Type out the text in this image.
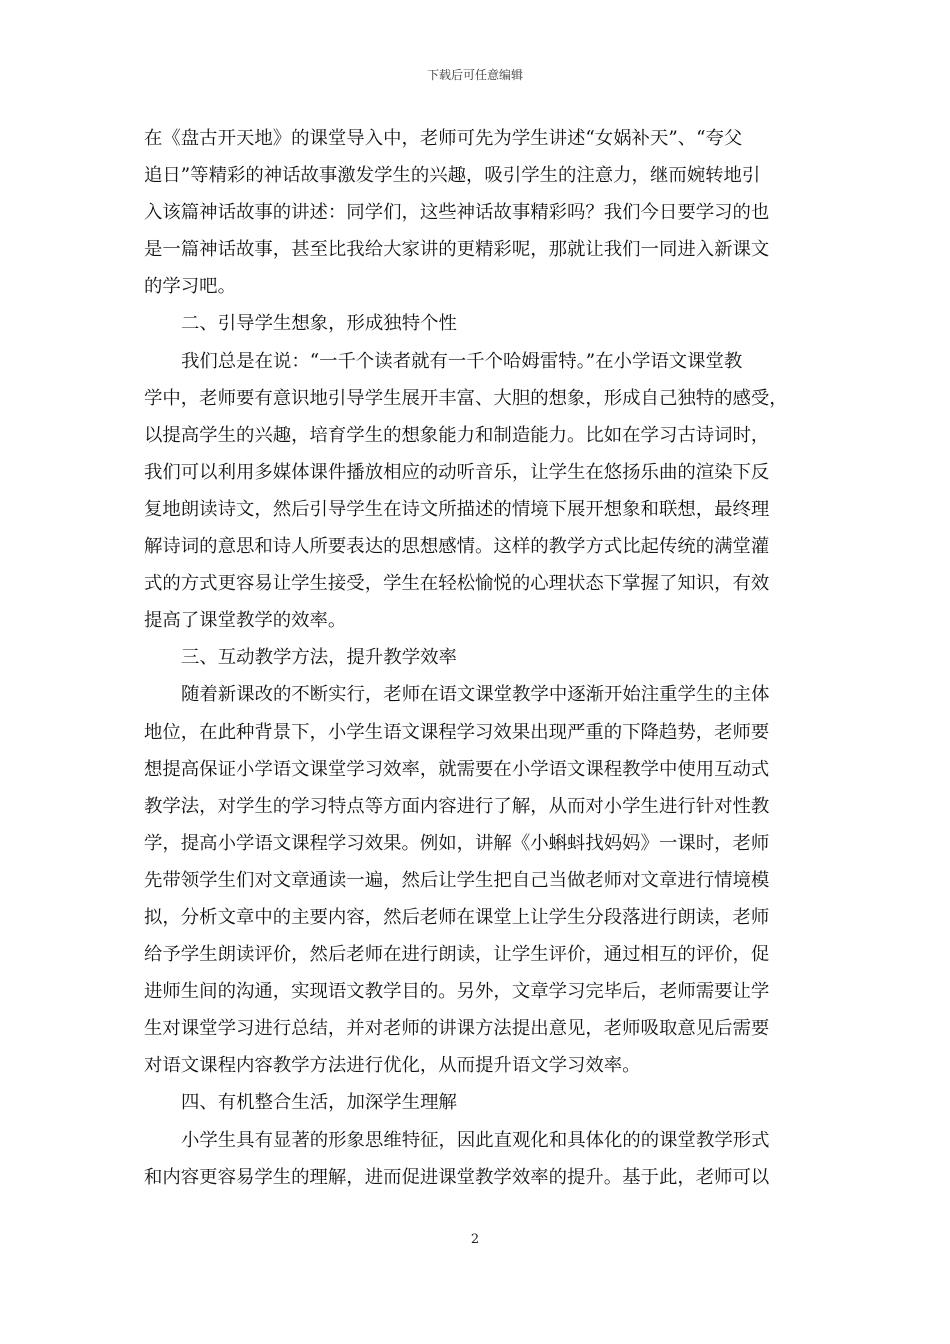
下载后可任意编辑
在《盘古开天地》的课堂导入中，老师可先为学生讲述“女娲补天”、“夸父
追日”等精彩的神话故事激发学生的兴趣，吸引学生的注意力，继而婉转地引
入该篇神话故事的讲述：同学们，这些神话故事精彩吗？我们今日要学习的也
是一篇神话故事，甚至比我给大家讲的更精彩呢，那就让我们一同进入新课文
的学习吧。
二、引导学生想象，形成独特个性
我们总是在说：“一千个读者就有一千个哈姆雷特。”在小学语文课堂教
学中，老师要有意识地引导学生展开丰富、大胆的想象，形成自己独特的感受，
以提高学生的兴趣，培育学生的想象能力和制造能力。比如在学习古诗词时，
我们可以利用多媒体课件播放相应的动听音乐，让学生在悠扬乐曲的渲染下反
复地朗读诗文，然后引导学生在诗文所描述的情境下展开想象和联想，最终理
解诗词的意思和诗人所要表达的思想感情。这样的教学方式比起传统的满堂灌
式的方式更容易让学生接受，学生在轻松愉悦的心理状态下掌握了知识，有效
提高了课堂教学的效率。
三、互动教学方法，提升教学效率
随着新课改的不断实行，老师在语文课堂教学中逐渐开始注重学生的主体
地位，在此种背景下，小学生语文课程学习效果出现严重的下降趋势，老师要
想提高保证小学语文课堂学习效率，就需要在小学语文课程教学中使用互动式
教学法，对学生的学习特点等方面内容进行了解，从而对小学生进行针对性教
学，提高小学语文课程学习效果。例如，讲解《小蝌蚪找妈妈》一课时，老师
先带领学生们对文章通读一遍，然后让学生把自己当做老师对文章进行情境模
拟，分析文章中的主要内容，然后老师在课堂上让学生分段落进行朗读，老师
给予学生朗读评价，然后老师在进行朗读，让学生评价，通过相互的评价，促
进师生间的沟通，实现语文教学目的。另外，文章学习完毕后，老师需要让学
生对课堂学习进行总结，并对老师的讲课方法提出意见，老师吸取意见后需要
对语文课程内容教学方法进行优化，从而提升语文学习效率。
四、有机整合生活，加深学生理解
小学生具有显著的形象思维特征，因此直观化和具体化的的课堂教学形式
和内容更容易学生的理解，进而促进课堂教学效率的提升。基于此，老师可以
2
